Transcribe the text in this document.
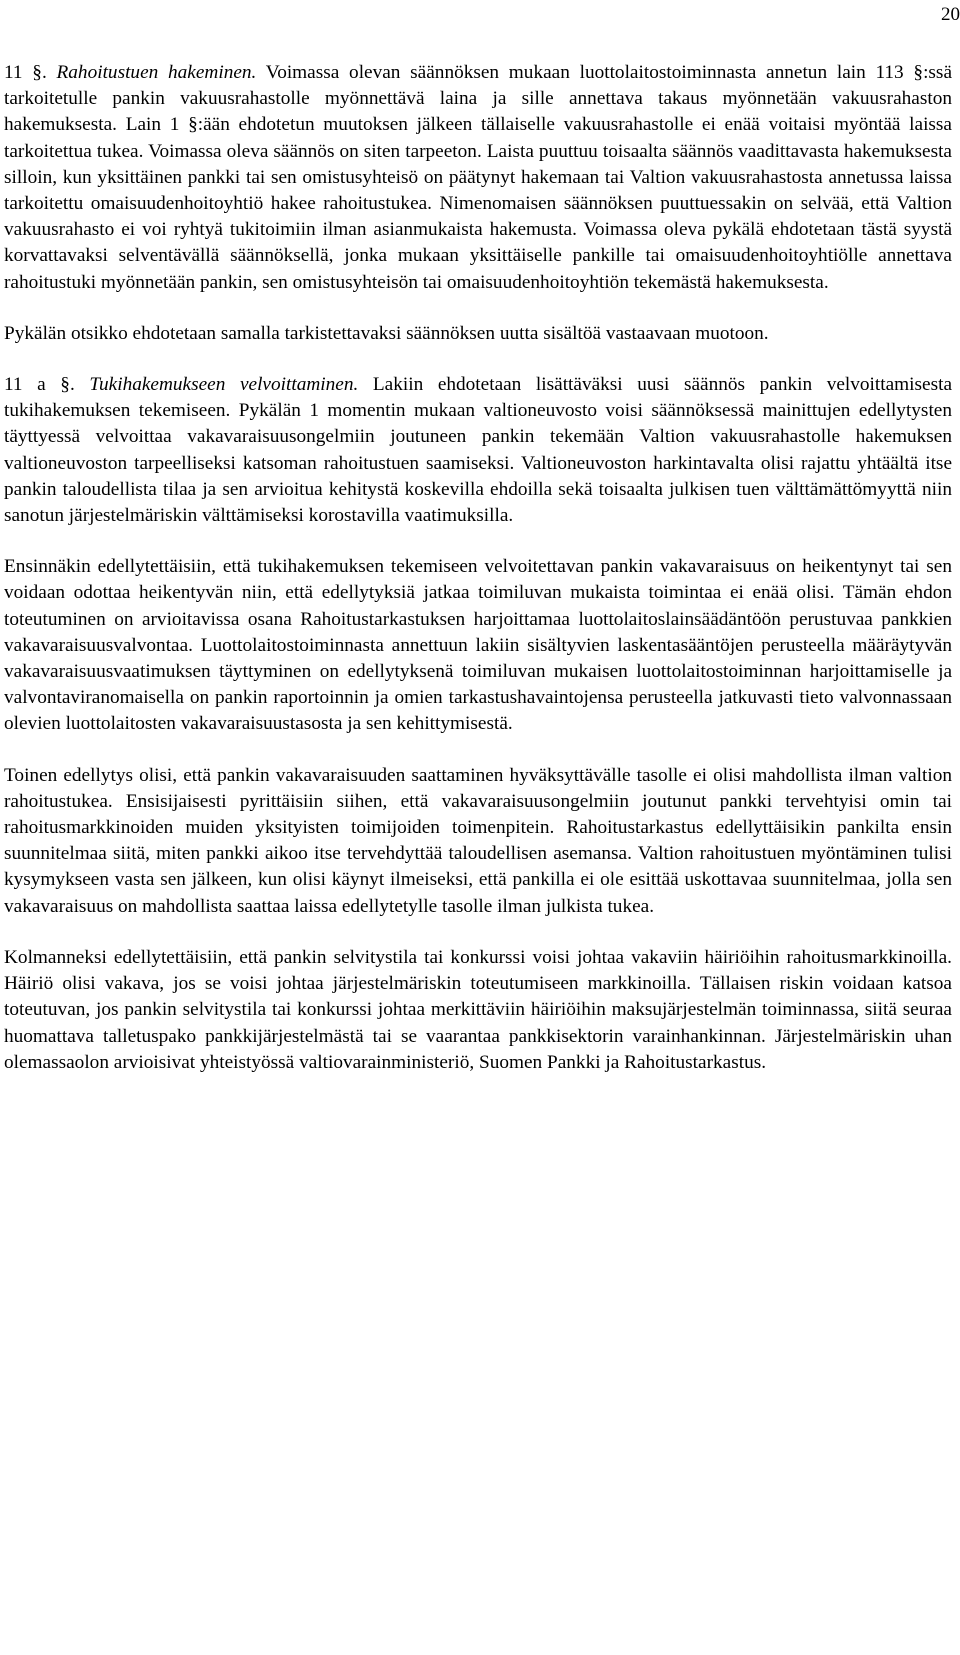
20

11 §. Rahoitustuen hakeminen. Voimassa olevan säännöksen mukaan luottolaitostoiminnasta annetun lain 113 §:ssä tarkoitetulle pankin vakuusrahastolle myönnettävä laina ja sille annettava takaus myönnetään vakuusrahaston hakemuksesta. Lain 1 §:ään ehdotetun muutoksen jälkeen tällaiselle vakuusrahastolle ei enää voitaisi myöntää laissa tarkoitettua tukea. Voimassa oleva säännös on siten tarpeeton. Laista puuttuu toisaalta säännös vaadittavasta hakemuksesta silloin, kun yksittäinen pankki tai sen omistusyhteisö on päätynyt hakemaan tai Valtion vakuusrahastosta annetussa laissa tarkoitettu omaisuudenhoitoyhtiö hakee rahoitustukea. Nimenomaisen säännöksen puuttuessakin on selvää, että Valtion vakuusrahasto ei voi ryhtyä tukitoimiin ilman asianmukaista hakemusta. Voimassa oleva pykälä ehdotetaan tästä syystä korvattavaksi selventävällä säännöksellä, jonka mukaan yksittäiselle pankille tai omaisuudenhoitoyhtiölle annettava rahoitustuki myönnetään pankin, sen omistusyhteisön tai omaisuudenhoitoyhtiön tekemästä hakemuksesta.

Pykälän otsikko ehdotetaan samalla tarkistettavaksi säännöksen uutta sisältöä vastaavaan muotoon.

11 a §. Tukihakemukseen velvoittaminen. Lakiin ehdotetaan lisättäväksi uusi säännös pankin velvoittamisesta tukihakemuksen tekemiseen. Pykälän 1 momentin mukaan valtioneuvosto voisi säännöksessä mainittujen edellytysten täyttyessä velvoittaa vakavaraisuusongelmiin joutuneen pankin tekemään Valtion vakuusrahastolle hakemuksen valtioneuvoston tarpeelliseksi katsoman rahoitustuen saamiseksi. Valtioneuvoston harkintavalta olisi rajattu yhtäältä itse pankin taloudellista tilaa ja sen arvioitua kehitystä koskevilla ehdoilla sekä toisaalta julkisen tuen välttämättömyyttä niin sanotun järjestelmäriskin välttämiseksi korostavilla vaatimuksilla.

Ensinnäkin edellytettäisiin, että tukihakemuksen tekemiseen velvoitettavan pankin vakavaraisuus on heikentynyt tai sen voidaan odottaa heikentyvän niin, että edellytyksiä jatkaa toimiluvan mukaista toimintaa ei enää olisi. Tämän ehdon toteutuminen on arvioitavissa osana Rahoitustarkastuksen harjoittamaa luottolaitoslainsäädäntöön perustuvaa pankkien vakavaraisuusvalvontaa. Luottolaitostoiminnasta annettuun lakiin sisältyvien laskentasääntöjen perusteella määräytyvän vakavaraisuusvaatimuksen täyttyminen on edellytyksenä toimiluvan mukaisen luottolaitostoiminnan harjoittamiselle ja valvontaviranomaisella on pankin raportoinnin ja omien tarkastushavaintojensa perusteella jatkuvasti tieto valvonnassaan olevien luottolaitosten vakavaraisuustasosta ja sen kehittymisestä.

Toinen edellytys olisi, että pankin vakavaraisuuden saattaminen hyväksyttävälle tasolle ei olisi mahdollista ilman valtion rahoitustukea. Ensisijaisesti pyrittäisiin siihen, että vakavaraisuusongelmiin joutunut pankki tervehtyisi omin tai rahoitusmarkkinoiden muiden yksityisten toimijoiden toimenpitein. Rahoitustarkastus edellyttäisikin pankilta ensin suunnitelmaa siitä, miten pankki aikoo itse tervehdyttää taloudellisen asemansa. Valtion rahoitustuen myöntäminen tulisi kysymykseen vasta sen jälkeen, kun olisi käynyt ilmeiseksi, että pankilla ei ole esittää uskottavaa suunnitelmaa, jolla sen vakavaraisuus on mahdollista saattaa laissa edellytetylle tasolle ilman julkista tukea.

Kolmanneksi edellytettäisiin, että pankin selvitystila tai konkurssi voisi johtaa vakaviin häiriöihin rahoitusmarkkinoilla. Häiriö olisi vakava, jos se voisi johtaa järjestelmäriskin toteutumiseen markkinoilla. Tällaisen riskin voidaan katsoa toteutuvan, jos pankin selvitystila tai konkurssi johtaa merkittäviin häiriöihin maksujärjestelmän toiminnassa, siitä seuraa huomattava talletuspako pankkijärjestelmästä tai se vaarantaa pankkisektorin varainhankinnan. Järjestelmäriskin uhan olemassaolon arvioisivat yhteistyössä valtiovarainministeriö, Suomen Pankki ja Rahoitustarkastus.
